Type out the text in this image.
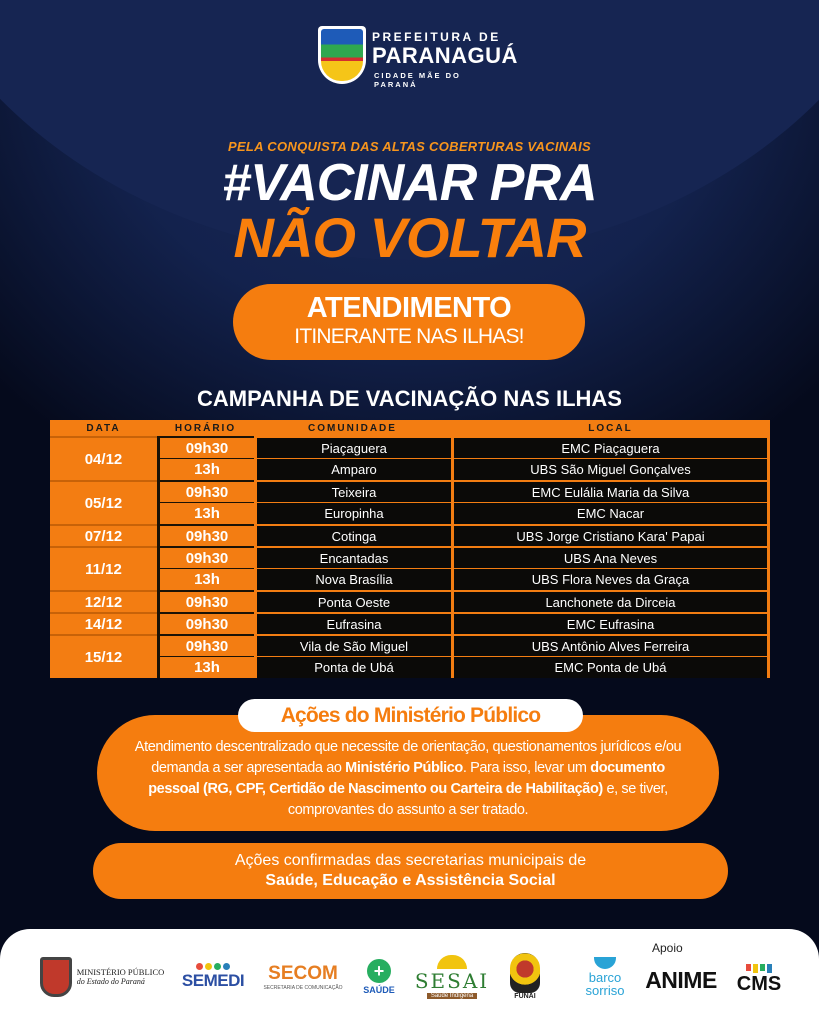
PREFEITURA DE
PARANAGUÁ
CIDADE MÃE DO PARANÁ
PELA CONQUISTA DAS ALTAS COBERTURAS VACINAIS
#VACINAR PRA
NÃO VOLTAR
ATENDIMENTO
ITINERANTE NAS ILHAS!
CAMPANHA DE VACINAÇÃO NAS ILHAS
DATA	HORÁRIO	COMUNIDADE	LOCAL
04/12	09h30	Piaçaguera	EMC Piaçaguera
	13h	Amparo	UBS São Miguel Gonçalves
05/12	09h30	Teixeira	EMC Eulália Maria da Silva
	13h	Europinha	EMC Nacar
07/12	09h30	Cotinga	UBS Jorge Cristiano Kara' Papai
11/12	09h30	Encantadas	UBS Ana Neves
	13h	Nova Brasília	UBS Flora Neves da Graça
12/12	09h30	Ponta Oeste	Lanchonete da Dirceia
14/12	09h30	Eufrasina	EMC Eufrasina
15/12	09h30	Vila de São Miguel	UBS Antônio Alves Ferreira
	13h	Ponta de Ubá	EMC Ponta de Ubá
Atendimento descentralizado que necessite de orientação, questionamentos jurídicos e/ou demanda a ser apresentada ao Ministério Público. Para isso, levar um documento pessoal (RG, CPF, Certidão de Nascimento ou Carteira de Habilitação) e, se tiver, comprovantes do assunto a ser tratado.
Ações do Ministério Público
Ações confirmadas das secretarias municipais de
Saúde, Educação e Assistência Social
MINISTÉRIO PÚBLICO
do Estado do Paraná	SEMEDI SECOM
SECRETARIA DE COMUNICAÇÃO
+
SAÚDE SESAI
Saúde Indígena	FUNAI
barco
sorriso
Apoio
ANIME CMS
